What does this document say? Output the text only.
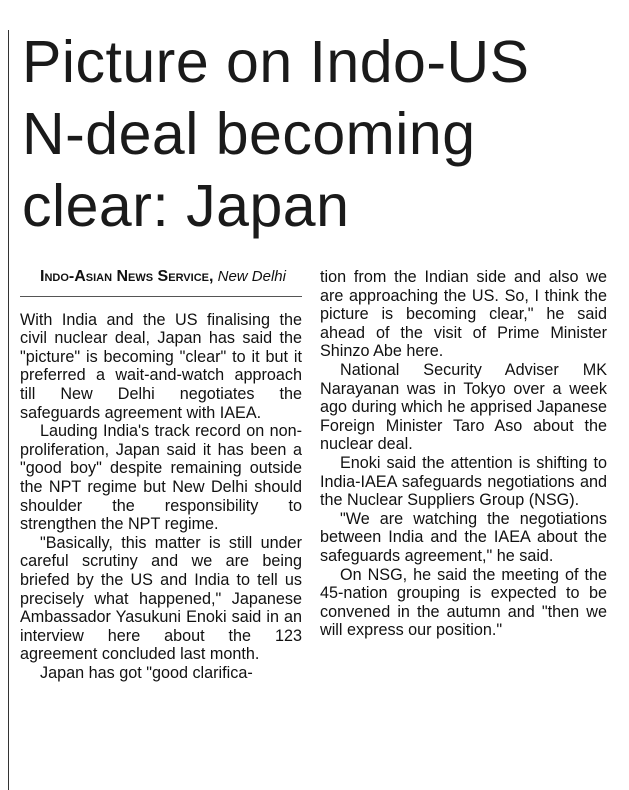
Picture on Indo-US
N-deal becoming
clear: Japan

Indo-Asian News Service, New Delhi

With India and the US finalising the civil nuclear deal, Japan has said the "picture" is becoming "clear" to it but it preferred a wait-and-watch approach till New Delhi negotiates the safeguards agreement with IAEA.

Lauding India's track record on non-proliferation, Japan said it has been a "good boy" despite remaining outside the NPT regime but New Delhi should shoulder the responsibility to strengthen the NPT regime.

"Basically, this matter is still under careful scrutiny and we are being briefed by the US and India to tell us precisely what happened," Japanese Ambassador Yasukuni Enoki said in an interview here about the 123 agreement concluded last month.

Japan has got "good clarifica-

tion from the Indian side and also we are approaching the US. So, I think the picture is becoming clear," he said ahead of the visit of Prime Minister Shinzo Abe here.

National Security Adviser MK Narayanan was in Tokyo over a week ago during which he apprised Japanese Foreign Minister Taro Aso about the nuclear deal.

Enoki said the attention is shifting to India-IAEA safeguards negotiations and the Nuclear Suppliers Group (NSG).

"We are watching the negotiations between India and the IAEA about the safeguards agreement," he said.

On NSG, he said the meeting of the 45-nation grouping is expected to be convened in the autumn and "then we will express our position."
